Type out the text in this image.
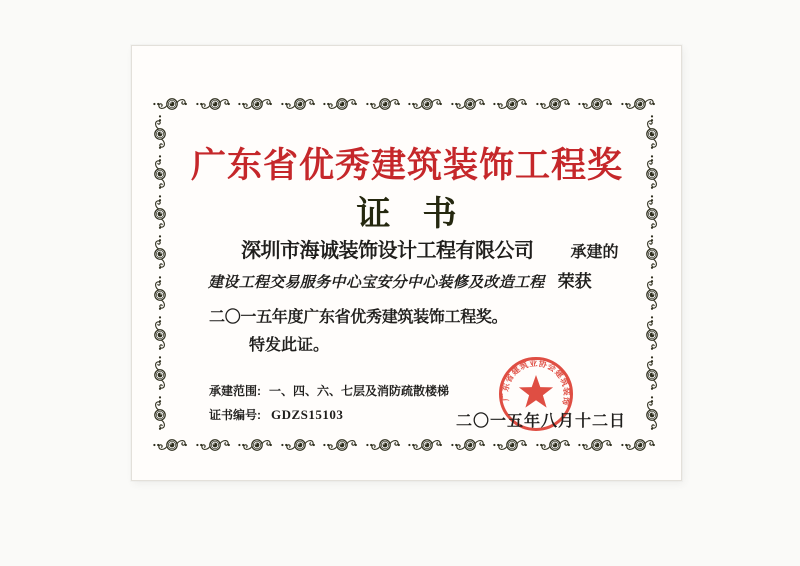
广东省优秀建筑装饰工程奖
证书
深圳市海诚装饰设计工程有限公司 承建的
建设工程交易服务中心宝安分中心装修及改造工程 荣获
二〇一五年度广东省优秀建筑装饰工程奖。
特发此证。
承建范围: 一、四、六、七层及消防疏散楼梯
证书编号: GDZS15103
广东省建筑业协会建筑装饰
二〇一五年八月十二日
